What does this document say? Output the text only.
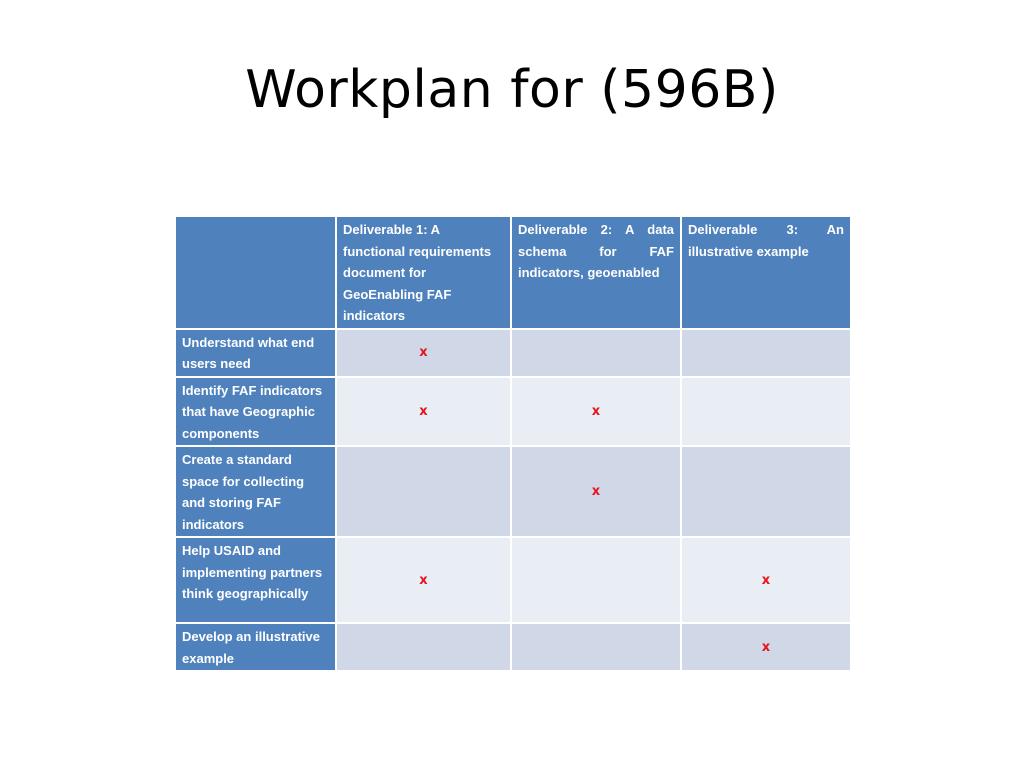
Workplan for (596B)
	Deliverable 1: A functional requirements document for GeoEnabling FAF indicators	Deliverable 2: A data schema for FAF indicators, geoenabled	Deliverable 3: An illustrative example
Understand what end users need	x		
Identify FAF indicators that have Geographic components	x	x	
Create a standard space for collecting and storing FAF indicators		x	
Help USAID and implementing partners think geographically	x		x
Develop an illustrative example			x
